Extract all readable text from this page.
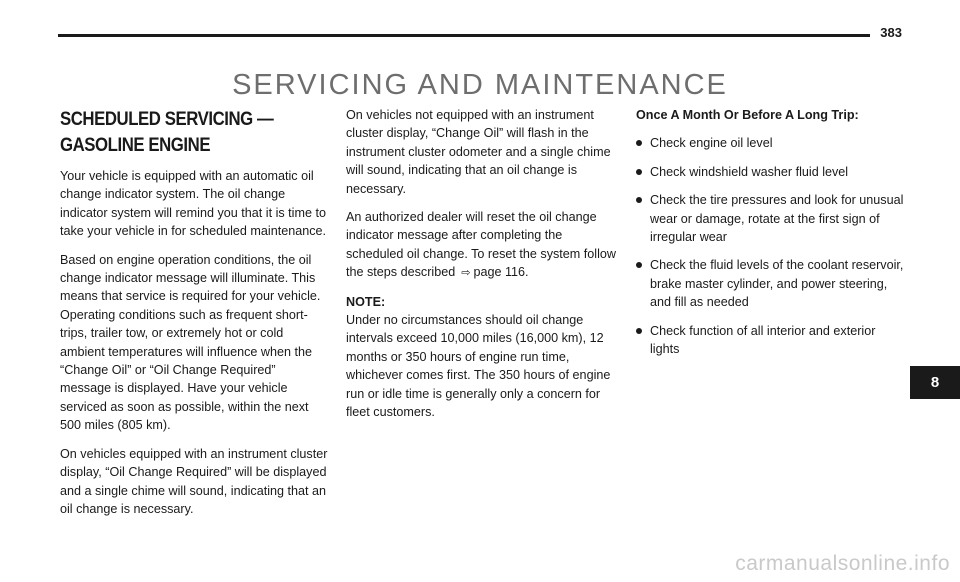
383
SERVICING AND MAINTENANCE
SCHEDULED SERVICING — GASOLINE ENGINE

Your vehicle is equipped with an automatic oil change indicator system. The oil change indicator system will remind you that it is time to take your vehicle in for scheduled maintenance.

Based on engine operation conditions, the oil change indicator message will illuminate. This means that service is required for your vehicle. Operating conditions such as frequent short-trips, trailer tow, or extremely hot or cold ambient temperatures will influence when the “Change Oil” or “Oil Change Required” message is displayed. Have your vehicle serviced as soon as possible, within the next 500 miles (805 km).

On vehicles equipped with an instrument cluster display, “Oil Change Required” will be displayed and a single chime will sound, indicating that an oil change is necessary.

On vehicles not equipped with an instrument cluster display, “Change Oil” will flash in the instrument cluster odometer and a single chime will sound, indicating that an oil change is necessary.

An authorized dealer will reset the oil change indicator message after completing the scheduled oil change. To reset the system follow the steps described ⇨ page 116.

NOTE:
Under no circumstances should oil change intervals exceed 10,000 miles (16,000 km), 12 months or 350 hours of engine run time, whichever comes first. The 350 hours of engine run or idle time is generally only a concern for fleet customers.

Once A Month Or Before A Long Trip:

Check engine oil level
Check windshield washer fluid level
Check the tire pressures and look for unusual wear or damage, rotate at the first sign of irregular wear
Check the fluid levels of the coolant reservoir, brake master cylinder, and power steering, and fill as needed
Check function of all interior and exterior lights
8
carmanualsonline.info
